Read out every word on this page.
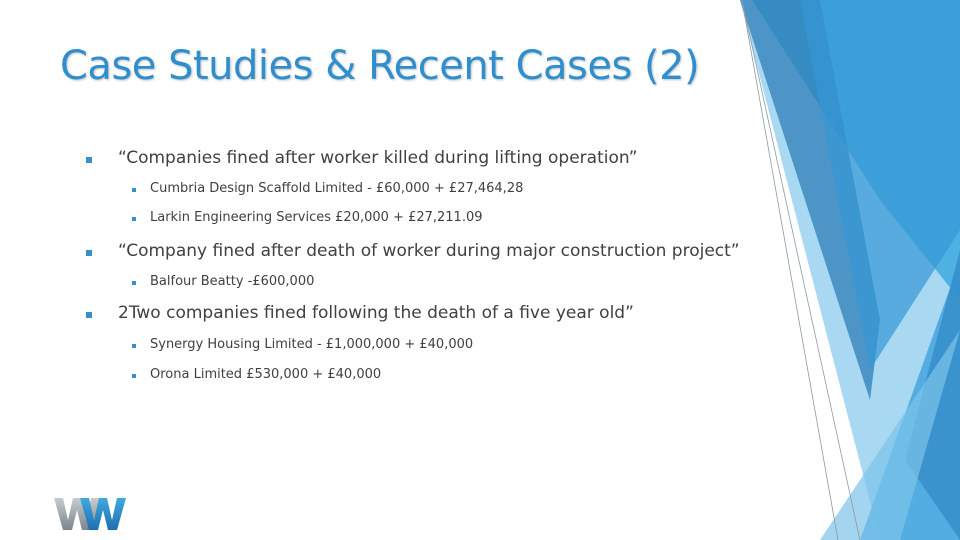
Case Studies & Recent Cases (2)
“Companies fined after worker killed during lifting operation”
Cumbria Design Scaffold Limited - £60,000 + £27,464,28
Larkin Engineering Services £20,000 + £27,211.09
“Company fined after death of worker during major construction project”
Balfour Beatty -£600,000
2Two companies fined following the death of a five year old”
Synergy Housing Limited - £1,000,000 + £40,000
Orona Limited £530,000 + £40,000
